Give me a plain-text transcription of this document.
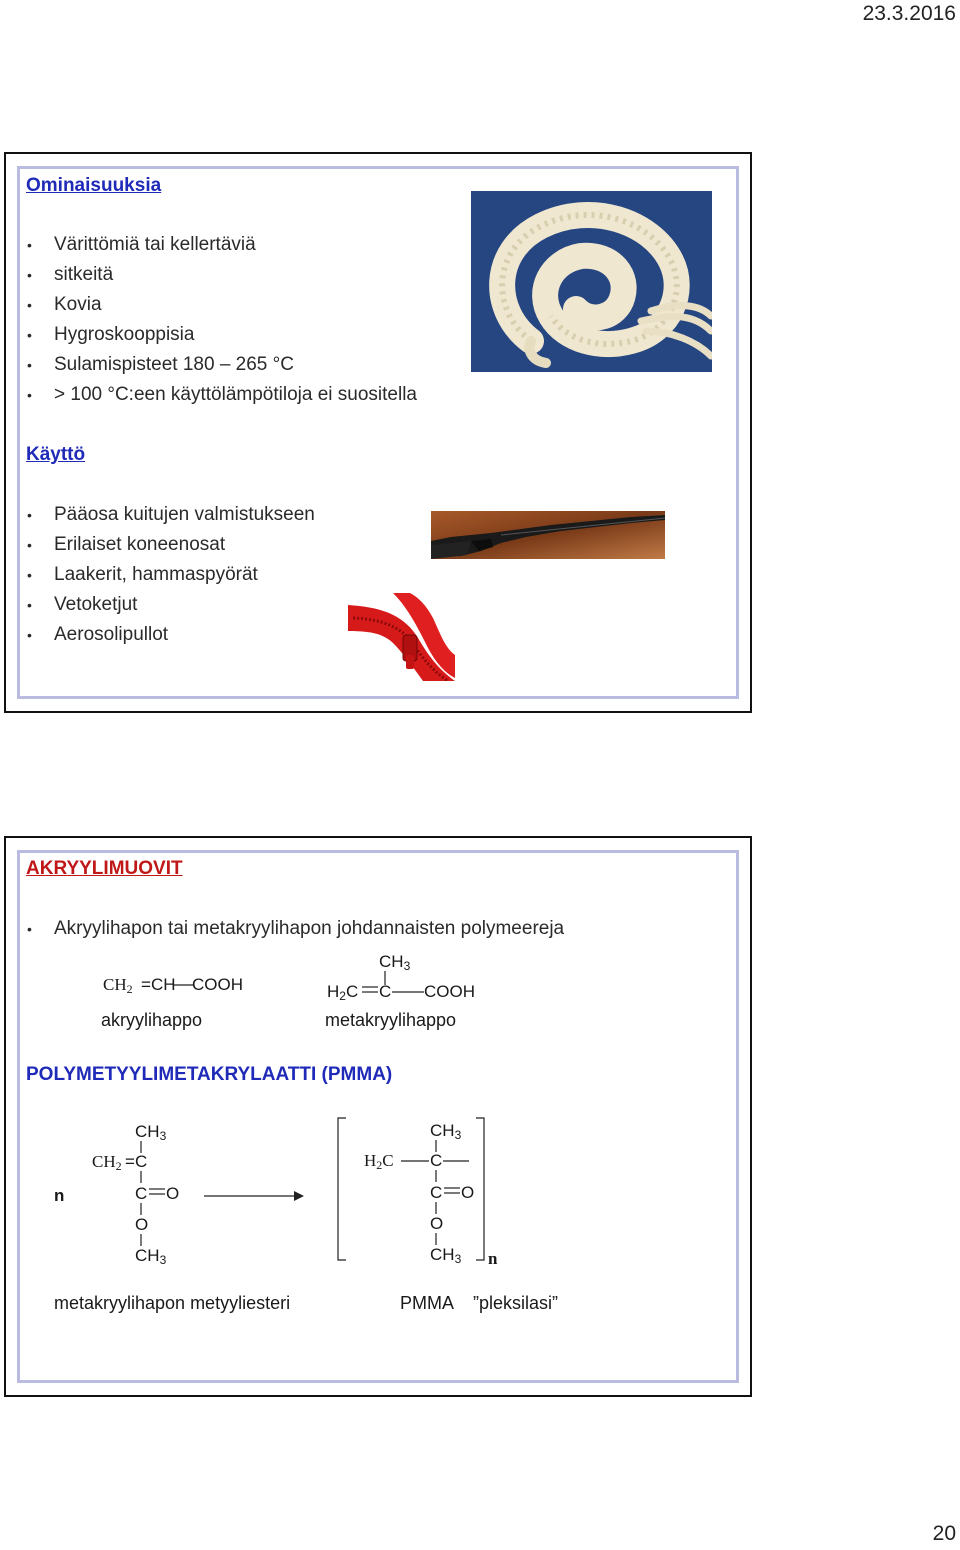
23.3.2016
Ominaisuuksia
• Värittömiä tai kellertäviä
• sitkeitä
• Kovia
• Hygroskooppisia
• Sulamispisteet 180 – 265 °C
• > 100 °C:een käyttölämpötiloja ei suositella
Käyttö
• Pääosa kuitujen valmistukseen
• Erilaiset koneenosat
• Laakerit, hammaspyörät
• Vetoketjut
• Aerosolipullot
AKRYYLIMUOVIT
• Akryylihapon tai metakryylihapon johdannaisten polymeereja
$CH_2 =CH$ COOH
akryylihappo
$CH_3$
$H_2C$ C COOH
metakryylihappo
POLYMETYYLIMETAKRYLAATTI (PMMA)
n
$CH_3$
$CH_2 =C$
C O
O
$CH_3$
$CH_3$
$H_2C$ C
C O
O
$CH_3$ n
metakryylihapon metyyliesteri	PMMA    ”pleksilasi”
20
